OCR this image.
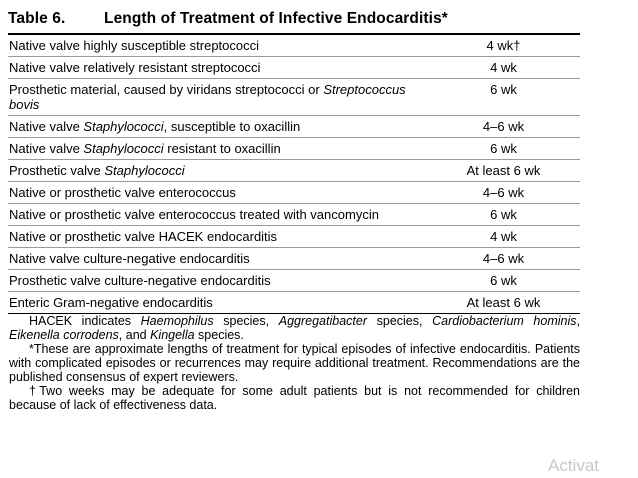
Table 6. Length of Treatment of Infective Endocarditis*
Native valve highly susceptible streptococci	4 wk†
Native valve relatively resistant streptococci	4 wk
Prosthetic material, caused by viridans streptococci or Streptococcus bovis	6 wk
Native valve Staphylococci, susceptible to oxacillin	4–6 wk
Native valve Staphylococci resistant to oxacillin	6 wk
Prosthetic valve Staphylococci	At least 6 wk
Native or prosthetic valve enterococcus	4–6 wk
Native or prosthetic valve enterococcus treated with vancomycin	6 wk
Native or prosthetic valve HACEK endocarditis	4 wk
Native valve culture-negative endocarditis	4–6 wk
Prosthetic valve culture-negative endocarditis	6 wk
Enteric Gram-negative endocarditis	At least 6 wk

HACEK indicates Haemophilus species, Aggregatibacter species, Cardiobacterium hominis, Eikenella corrodens, and Kingella species.

*These are approximate lengths of treatment for typical episodes of infective endocarditis. Patients with complicated episodes or recurrences may require additional treatment. Recommendations are the published consensus of expert reviewers.

†Two weeks may be adequate for some adult patients but is not recommended for children because of lack of effectiveness data.

Activat
